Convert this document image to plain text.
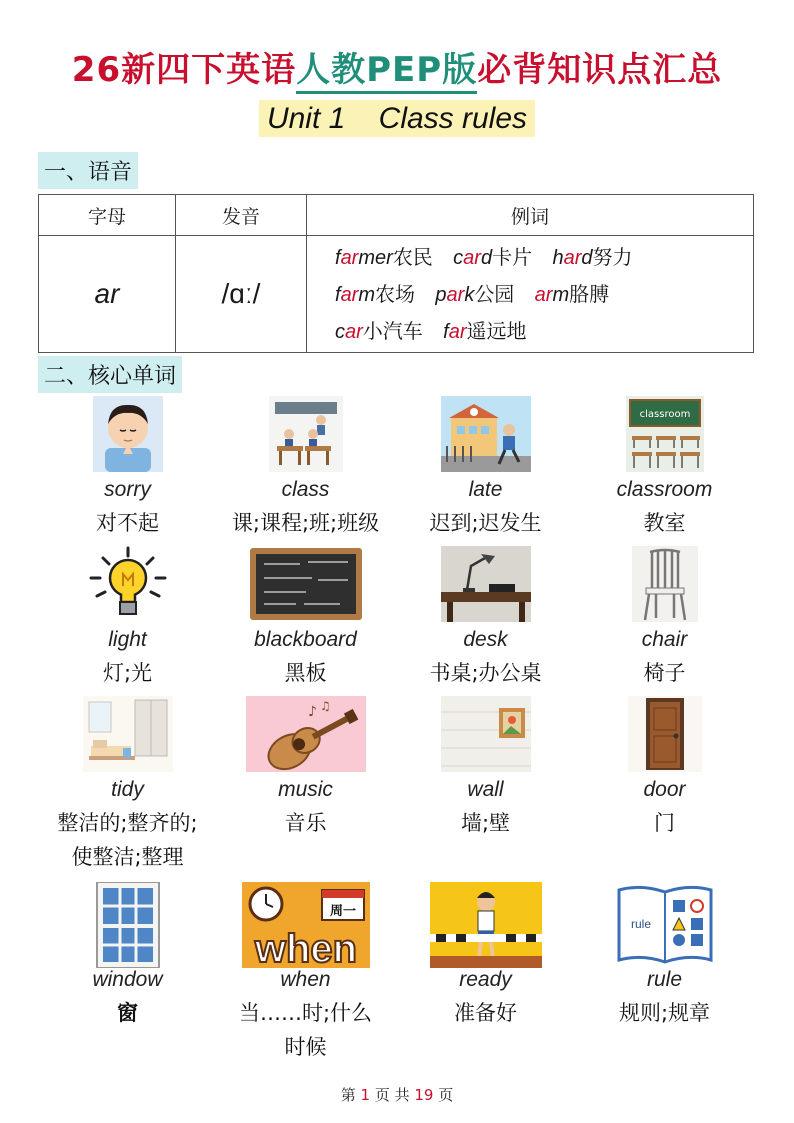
26新四下英语人教PEP版必背知识点汇总
Unit 1    Class rules
一、语音
字母	发音	例词
ar	/ɑː/	farmer农民 card卡片 hard努力
farm农场 park公园 arm胳膊
car小汽车 far遥远地
二、核心单词
sorry
对不起
class
课;课程;班;班级
late
迟到;迟发生
classroom
classroom
教室
light
灯;光
blackboard
黑板
desk
书桌;办公桌
chair
椅子
tidy
整洁的;整齐的;
使整洁;整理
♪ ♫
music
音乐
wall
墙;壁
door
门
window
窗
周一
when
when
当……时;什么
时候
ready
准备好
rule
rule
规则;规章
第 1 页 共 19 页
